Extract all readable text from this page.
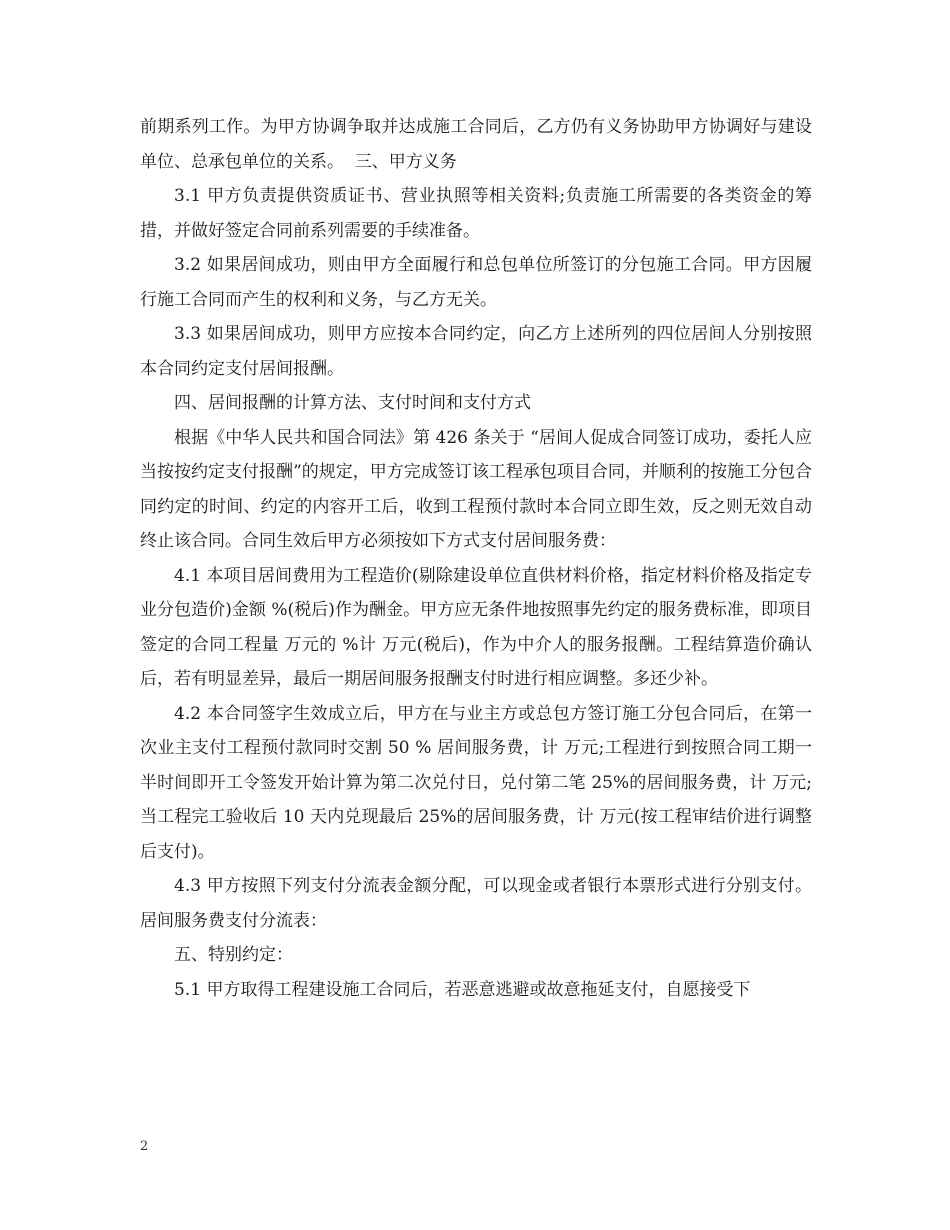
前期系列工作。为甲方协调争取并达成施工合同后，乙方仍有义务协助甲方协调好与建设单位、总承包单位的关系。  三、甲方义务

3.1 甲方负责提供资质证书、营业执照等相关资料;负责施工所需要的各类资金的筹措，并做好签定合同前系列需要的手续准备。

3.2 如果居间成功，则由甲方全面履行和总包单位所签订的分包施工合同。甲方因履行施工合同而产生的权利和义务，与乙方无关。

3.3 如果居间成功，则甲方应按本合同约定，向乙方上述所列的四位居间人分别按照本合同约定支付居间报酬。

四、居间报酬的计算方法、支付时间和支付方式

根据《中华人民共和国合同法》第 426 条关于 “居间人促成合同签订成功，委托人应当按按约定支付报酬”的规定，甲方完成签订该工程承包项目合同，并顺利的按施工分包合同约定的时间、约定的内容开工后，收到工程预付款时本合同立即生效，反之则无效自动终止该合同。合同生效后甲方必须按如下方式支付居间服务费：

4.1 本项目居间费用为工程造价(剔除建设单位直供材料价格，指定材料价格及指定专业分包造价)金额 %(税后)作为酬金。甲方应无条件地按照事先约定的服务费标准，即项目签定的合同工程量 万元的 %计 万元(税后)，作为中介人的服务报酬。工程结算造价确认后，若有明显差异，最后一期居间服务报酬支付时进行相应调整。多还少补。

4.2 本合同签字生效成立后，甲方在与业主方或总包方签订施工分包合同后，在第一次业主支付工程预付款同时交割 50 % 居间服务费，计 万元;工程进行到按照合同工期一半时间即开工令签发开始计算为第二次兑付日，兑付第二笔 25%的居间服务费，计 万元;当工程完工验收后 10 天内兑现最后 25%的居间服务费，计 万元(按工程审结价进行调整后支付)。

4.3 甲方按照下列支付分流表金额分配，可以现金或者银行本票形式进行分别支付。居间服务费支付分流表：

五、特别约定：

5.1 甲方取得工程建设施工合同后，若恶意逃避或故意拖延支付，自愿接受下

2
